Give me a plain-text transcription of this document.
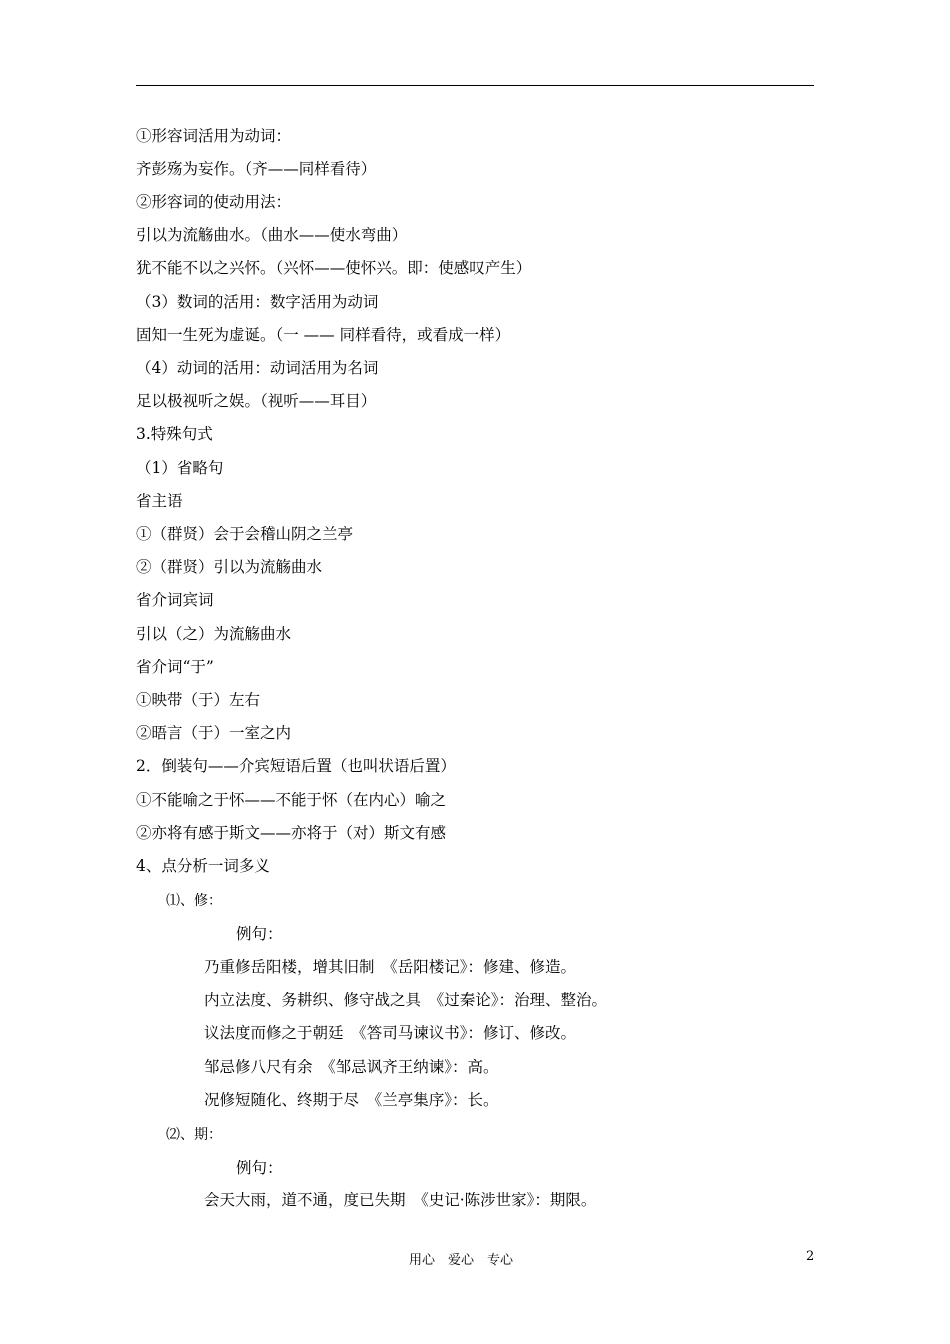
①形容词活用为动词：
齐彭殇为妄作。（齐——同样看待）
②形容词的使动用法：
引以为流觞曲水。（曲水——使水弯曲）
犹不能不以之兴怀。（兴怀——使怀兴。即：使感叹产生）
（3）数词的活用：数字活用为动词
固知一生死为虚诞。（一 —— 同样看待，或看成一样）
（4）动词的活用：动词活用为名词
足以极视听之娱。（视听——耳目）
3.特殊句式
（1）省略句
省主语
①（群贤）会于会稽山阴之兰亭
②（群贤）引以为流觞曲水
省介词宾词
引以（之）为流觞曲水
省介词“于”
①映带（于）左右
②晤言（于）一室之内
2．倒装句——介宾短语后置（也叫状语后置）
①不能喻之于怀——不能于怀（在内心）喻之
②亦将有感于斯文——亦将于（对）斯文有感
4、点分析一词多义
⑴、修：
例句：
乃重修岳阳楼，增其旧制　《岳阳楼记》：修建、修造。
内立法度、务耕织、修守战之具　《过秦论》：治理、整治。
议法度而修之于朝廷　《答司马谏议书》：修订、修改。
邹忌修八尺有余　《邹忌讽齐王纳谏》：高。
况修短随化、终期于尽　《兰亭集序》：长。
⑵、期：
例句：
会天大雨，道不通，度已失期　《史记·陈涉世家》：期限。
用心　爱心　专心	2
